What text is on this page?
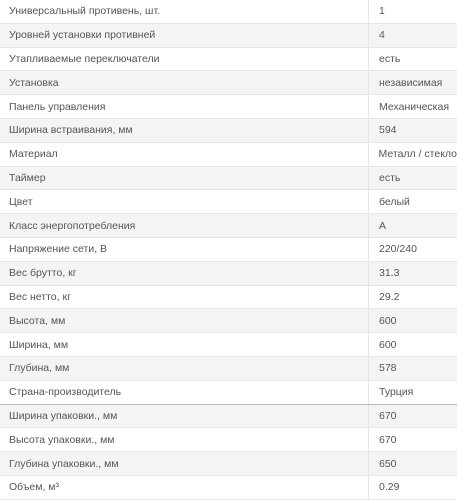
Универсальный противень, шт.	1
Уровней установки противней	4
Утапливаемые переключатели	есть
Установка	независимая
Панель управления	Механическая
Ширина встраивания, мм	594
Материал	Металл / стекло
Таймер	есть
Цвет	белый
Класс энергопотребления	A
Напряжение сети, В	220/240
Вес брутто, кг	31.3
Вес нетто, кг	29.2
Высота, мм	600
Ширина, мм	600
Глубина, мм	578
Страна-производитель	Турция
Ширина упаковки., мм	670
Высота упаковки., мм	670
Глубина упаковки., мм	650
Объем, м³	0.29
